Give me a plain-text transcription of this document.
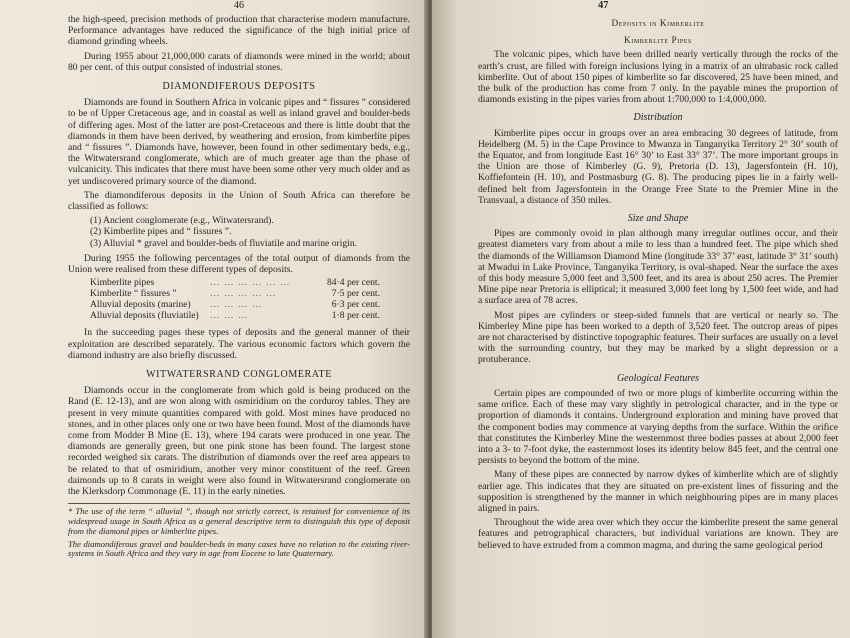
46

the high-speed, precision methods of production that characterise modern manufacture. Performance advantages have reduced the significance of the high initial price of diamond grinding wheels.

During 1955 about 21,000,000 carats of diamonds were mined in the world; about 80 per cent. of this output consisted of industrial stones.

DIAMONDIFEROUS DEPOSITS

Diamonds are found in Southern Africa in volcanic pipes and “ fissures ” considered to be of Upper Cretaceous age, and in coastal as well as inland gravel and boulder-beds of differing ages. Most of the latter are post-Cretaceous and there is little doubt that the diamonds in them have been derived, by weathering and erosion, from kimberlite pipes and “ fissures ”. Diamonds have, however, been found in other sedimentary beds, e.g., the Witwatersrand conglomerate, which are of much greater age than the phase of vulcanicity. This indicates that there must have been some other very much older and as yet undiscovered primary source of the diamond.

The diamondiferous deposits in the Union of South Africa can therefore be classified as follows:

(1) Ancient conglomerate (e.g., Witwatersrand).
(2) Kimberlite pipes and “ fissures ”.
(3) Alluvial * gravel and boulder-beds of fluviatile and marine origin.

During 1955 the following percentages of the total output of diamonds from the Union were realised from these different types of deposits.

Kimberlite pipes	… … … … … …	84·4 per cent.
Kimberlite “ fissures ”	… … … … …	7·5 per cent.
Alluvial deposits (marine)	… … … …	6·3 per cent.
Alluvial deposits (fluviatile)	… … …	1·8 per cent.

In the succeeding pages these types of deposits and the general manner of their exploitation are described separately. The various economic factors which govern the diamond industry are also briefly discussed.

WITWATERSRAND CONGLOMERATE

Diamonds occur in the conglomerate from which gold is being produced on the Rand (E. 12-13), and are won along with osmiridium on the corduroy tables. They are present in very minute quantities compared with gold. Most mines have produced no stones, and in other places only one or two have been found. Most of the diamonds have come from Modder B Mine (E. 13), where 194 carats were produced in one year. The diamonds are generally green, but one pink stone has been found. The largest stone recorded weighed six carats. The distribution of diamonds over the reef area appears to be related to that of osmiridium, another very minor constituent of the reef. Green daimonds up to 8 carats in weight were also found in Witwatersrand conglomerate on the Klerksdorp Commonage (E. 11) in the early nineties.

* The use of the term “ alluvial ”, though not strictly correct, is retained for convenience of its widespread usage in South Africa as a general descriptive term to distinguish this type of deposit from the diamond pipes or kimberlite pipes.

The diamondiferous gravel and boulder-beds in many cases have no relation to the existing river-systems in South Africa and they vary in age from Eocene to late Quaternary.

47
Deposits in Kimberlite
Kimberlite Pipes

The volcanic pipes, which have been drilled nearly vertically through the rocks of the earth’s crust, are filled with foreign inclusions lying in a matrix of an ultrabasic rock called kimberlite. Out of about 150 pipes of kimberlite so far discovered, 25 have been mined, and the bulk of the production has come from 7 only. In the payable mines the proportion of diamonds existing in the pipes varies from about 1:700,000 to 1:4,000,000.

Distribution

Kimberlite pipes occur in groups over an area embracing 30 degrees of latitude, from Heidelberg (M. 5) in the Cape Province to Mwanza in Tanganyika Territory 2° 30’ south of the Equator, and from longitude East 16° 30’ to East 33° 37’. The more important groups in the Union are those of Kimberley (G. 9), Pretoria (D. 13), Jagersfontein (H. 10), Koffiefontein (H. 10), and Postmasburg (G. 8). The producing pipes lie in a fairly well-defined belt from Jagersfontein in the Orange Free State to the Premier Mine in the Transvaal, a distance of 350 miles.

Size and Shape

Pipes are commonly ovoid in plan although many irregular outlines occur, and their greatest diameters vary from about a mile to less than a hundred feet. The pipe which shed the diamonds of the Williamson Diamond Mine (longitude 33° 37’ east, latitude 3° 31’ south) at Mwadui in Lake Province, Tanganyika Territory, is oval-shaped. Near the surface the axes of this body measure 5,000 feet and 3,500 feet, and its area is about 250 acres. The Premier Mine pipe near Pretoria is elliptical; it measured 3,000 feet long by 1,500 feet wide, and had a surface area of 78 acres.

Most pipes are cylinders or steep-sided funnels that are vertical or nearly so. The Kimberley Mine pipe has been worked to a depth of 3,520 feet. The outcrop areas of pipes are not characterised by distinctive topographic features. Their surfaces are usually on a level with the surrounding country, but they may be marked by a slight depression or a protuberance.

Geological Features

Certain pipes are compounded of two or more plugs of kimberlite occurring within the same orifice. Each of these may vary slightly in petrological character, and in the type or proportion of diamonds it contains. Underground exploration and mining have proved that the component bodies may commence at varying depths from the surface. Within the orifice that constitutes the Kimberley Mine the westernmost three bodies passes at about 2,000 feet into a 3- to 7-foot dyke, the easternmost loses its identity below 845 feet, and the central one persists to beyond the bottom of the mine.

Many of these pipes are connected by narrow dykes of kimberlite which are of slightly earlier age. This indicates that they are situated on pre-existent lines of fissuring and the supposition is strengthened by the manner in which neighbouring pipes are in many places aligned in pairs.

Throughout the wide area over which they occur the kimberlite present the same general features and petrographical characters, but individual variations are known. They are believed to have extruded from a common magma, and during the same geological period
